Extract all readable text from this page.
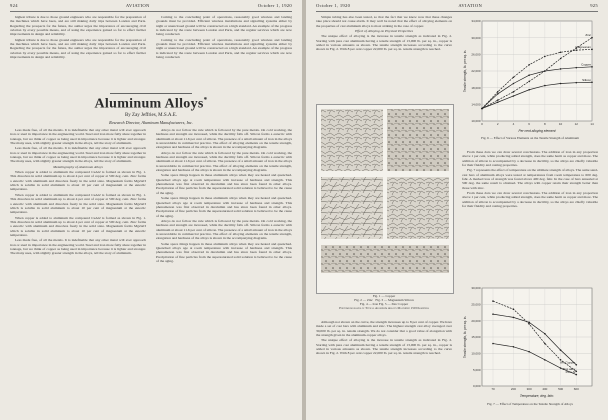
924	AVIATION	October 1, 1920

highest tribute is due to those ground engineers who are responsible for the preparation of the machines which have been, and are still making daily trips between London and Paris. Regarding the prospects for the future, the author urges the importance of encouraging civil aviation by every possible means, and of using the experience gained so far to effect further improvements in design and reliability.

highest tribute is due to those ground engineers who are responsible for the preparation of the machines which have been, and are still making daily trips between London and Paris. Regarding the prospects for the future, the author urges the importance of encouraging civil aviation by every possible means, and of using the experience gained so far to effect further improvements in design and reliability.

Coming to the concluding point of operations, reasonably good wireless and landing grounds must be provided. Efficient wireless installations and signalling systems either by night or unenclosed ground will be constructed on a high standard. An example of the progress is indicated by the route between London and Paris, and the regular services which are now being conducted.

Coming to the concluding point of operations, reasonably good wireless and landing grounds must be provided. Efficient wireless installations and signalling systems either by night or unenclosed ground will be constructed on a high standard. An example of the progress is indicated by the route between London and Paris, and the regular services which are now being conducted.

Aluminum Alloys*
By Zay Jeffries, M.S.A.E.
Research Director, Aluminum Manufacturers, Inc.

Less made free, of all the metals. It is indefinable that any other metal will ever approach iron or steel in importance in the engineering world. Steel and iron more fully share together in tonnage, but we think of copper as being used in importance because it is lighter and stronger. The many uses, with slightly greater strength in the alloys, tell the story of aluminum.

Less made free, of all the metals. It is indefinable that any other metal will ever approach iron or steel in importance in the engineering world. Steel and iron more fully share together in tonnage, but we think of copper as being used in importance because it is lighter and stronger. The many uses, with slightly greater strength in the alloys, tell the story of aluminum.

Metallography of Aluminum Alloys

When copper is added to aluminum the compound CuAl2 is formed as shown in Fig. 1. This dissolves in solid aluminum up to about 4 per cent of copper at 500 deg. cent. Zinc forms a eutectic with aluminum and dissolves freely in the solid state. Magnesium forms Mg2Al3 which is soluble in solid aluminum to about 10 per cent of magnesium at the eutectic temperature.

When copper is added to aluminum the compound CuAl2 is formed as shown in Fig. 1. This dissolves in solid aluminum up to about 4 per cent of copper at 500 deg. cent. Zinc forms a eutectic with aluminum and dissolves freely in the solid state. Magnesium forms Mg2Al3 which is soluble in solid aluminum to about 10 per cent of magnesium at the eutectic temperature.

When copper is added to aluminum the compound CuAl2 is formed as shown in Fig. 1. This dissolves in solid aluminum up to about 4 per cent of copper at 500 deg. cent. Zinc forms a eutectic with aluminum and dissolves freely in the solid state. Magnesium forms Mg2Al3 which is soluble in solid aluminum to about 10 per cent of magnesium at the eutectic temperature.

Less made free, of all the metals. It is indefinable that any other metal will ever approach iron or steel in importance in the engineering world. Steel and iron more fully share together in tonnage, but we think of copper as being used in importance because it is lighter and stronger. The many uses, with slightly greater strength in the alloys, tell the story of aluminum.

Alloys do not follow the rule which is followed by the pure metals. On cold working, the hardness and strength are increased, while the ductility falls off. Silicon forms a eutectic with aluminum at about 11.6 per cent of silicon. The presence of a small amount of iron in the alloys is unavoidable in commercial practice. The effect of alloying elements on the tensile strength, elongation and hardness of the alloys is shown in the accompanying diagrams.

Alloys do not follow the rule which is followed by the pure metals. On cold working, the hardness and strength are increased, while the ductility falls off. Silicon forms a eutectic with aluminum at about 11.6 per cent of silicon. The presence of a small amount of iron in the alloys is unavoidable in commercial practice. The effect of alloying elements on the tensile strength, elongation and hardness of the alloys is shown in the accompanying diagrams.

Some space things happen in these aluminum alloys when they are heated and quenched. Quenched alloys age at room temperature with increase of hardness and strength. This phenomenon was first observed in duralumin and has since been found in other alloys. Precipitation of fine particles from the supersaturated solid solution is believed to be the cause of the aging.

Some space things happen in these aluminum alloys when they are heated and quenched. Quenched alloys age at room temperature with increase of hardness and strength. This phenomenon was first observed in duralumin and has since been found in other alloys. Precipitation of fine particles from the supersaturated solid solution is believed to be the cause of the aging.

Alloys do not follow the rule which is followed by the pure metals. On cold working, the hardness and strength are increased, while the ductility falls off. Silicon forms a eutectic with aluminum at about 11.6 per cent of silicon. The presence of a small amount of iron in the alloys is unavoidable in commercial practice. The effect of alloying elements on the tensile strength, elongation and hardness of the alloys is shown in the accompanying diagrams.

Some space things happen in these aluminum alloys when they are heated and quenched. Quenched alloys age at room temperature with increase of hardness and strength. This phenomenon was first observed in duralumin and has since been found in other alloys. Precipitation of fine particles from the supersaturated solid solution is believed to be the cause of the aging.

October 1, 1920	AVIATION	925

Simple tubing has also been tested, so that the fact that we know now that these changes take place should not cause alarm. It may well be noted that the effect of alloying elements on the properties of cast aluminum alloys is most striking in the case of copper.

Effect of Alloying on Physical Properties

The unique effect of alloying is the increase in tensile strength as indicated in Fig. 2. Starting with pure cast aluminum having a tensile strength of 13,000 lb. per sq. in., copper is added in various amounts as shown. The tensile strength increases according to the curve shown in Fig. 2. With 8 per cent copper 22,000 lb. per sq. in. tensile strength is reached.

Fig. 1 — Copper
Fig. 2 — Zinc Fig. 3 — Magnesium Silicon
Fig. 4 — Iron Fig. 5 — Zinc Copper
Photomicrographs of Typical Aluminum Alloys Magnified 150 Diameters

Although not shown on the curve, the strength increases up to 8 per cent of copper. We have made a set of cast bars with aluminum and zinc. The highest strength cast alloy averaged over 30,000 lb. per sq. in. tensile strength. We do not consider that a good value of elongation with the strength given in the aluminum-copper alloys.

The unique effect of alloying is the increase in tensile strength as indicated in Fig. 2. Starting with pure cast aluminum having a tensile strength of 13,000 lb. per sq. in., copper is added in various amounts as shown. The tensile strength increases according to the curve shown in Fig. 2. With 8 per cent copper 22,000 lb. per sq. in. tensile strength is reached.

10,000
14,000
18,000
22,000
26,000
30,000
34,000
0	2	4	6	8	10	12	14
Per cent alloying element
Tensile strength, lb. per sq. in.	Copper
Zinc
Silicon
Magnesium
Fig. 6 — Effect of Various Elements on the Tensile Strength of Aluminum

From these data we can draw several conclusions. The addition of iron in any proportion above 1 per cent, while producing added strength, does the same harm as copper and more. The addition of silicon is accompanied by a decrease in ductility, so the alloys are chiefly valuable for their fluidity and casting properties.

Fig. 7 represents the effect of temperature on the ultimate strength of alloys. The same sand-cast bars of aluminum alloys were tested at temperatures from room temperature to 600 deg. fahr. A marked loss of strength was found above 400 deg. fahr. In the case of bars annealed at 500 deg. the same result is obtained. The alloys with copper retain their strength better than those with zinc.

From these data we can draw several conclusions. The addition of iron in any proportion above 1 per cent, while producing added strength, does the same harm as copper and more. The addition of silicon is accompanied by a decrease in ductility, so the alloys are chiefly valuable for their fluidity and casting properties.

0,000
5,000
10,000
15,000
20,000
25,000
30,000
70	200	300	400	500	600
Temperature, deg. fahr.
Tensile strength, lb. per sq. in.
8% Copper
Zinc alloy
Pure Al
Fig. 7 — Effect of Temperature on the Tensile Strength of Alloys
